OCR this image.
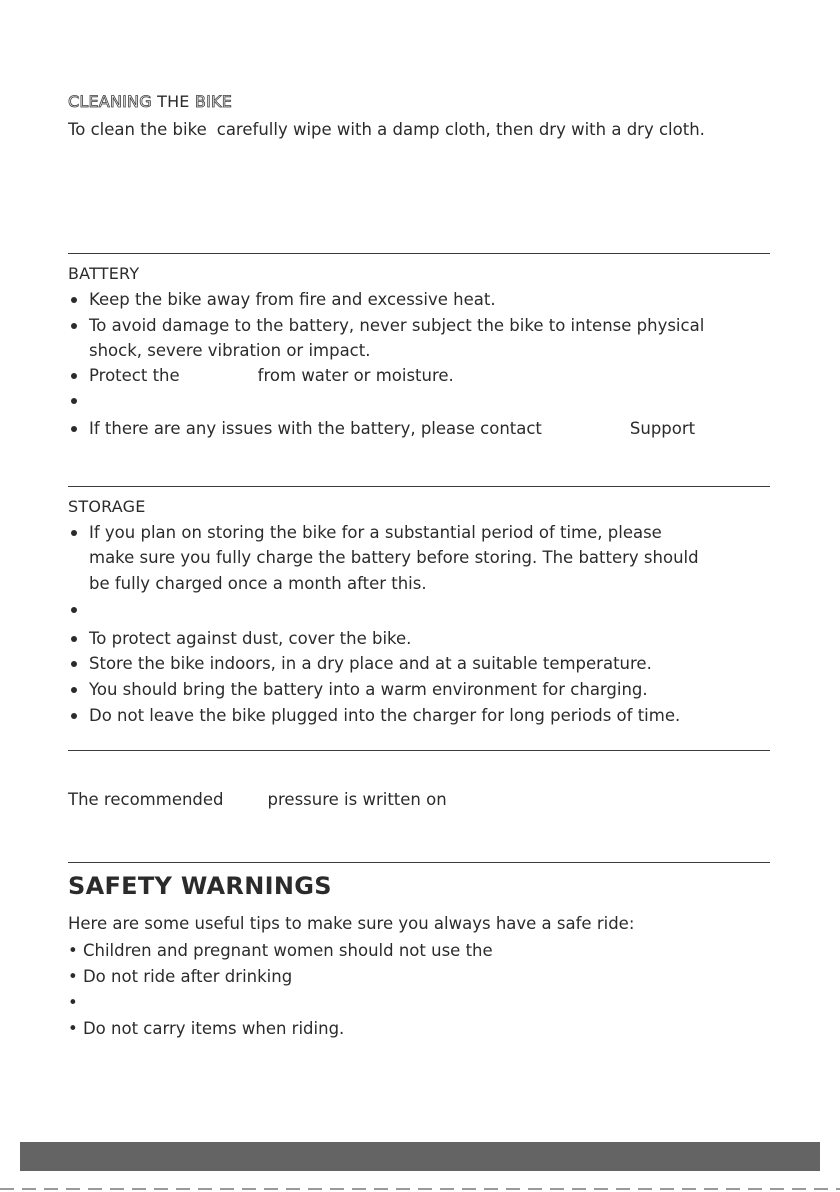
CLEANING THE BIKE
To clean the bike carefully wipe with a damp cloth, then dry with a dry cloth.
BATTERY
Keep the bike away from fire and excessive heat.
To avoid damage to the battery, never subject the bike to intense physical
shock, severe vibration or impact.
Protect the	from water or moisture.
If there are any issues with the battery, please contact	Support
STORAGE
If you plan on storing the bike for a substantial period of time, please
make sure you fully charge the battery before storing. The battery should
be fully charged once a month after this.
To protect against dust, cover the bike.
Store the bike indoors, in a dry place and at a suitable temperature.
You should bring the battery into a warm environment for charging.
Do not leave the bike plugged into the charger for long periods of time.
The recommended	pressure is written on
SAFETY WARNINGS
Here are some useful tips to make sure you always have a safe ride:
• Children and pregnant women should not use the
• Do not ride after drinking
•
• Do not carry items when riding.
